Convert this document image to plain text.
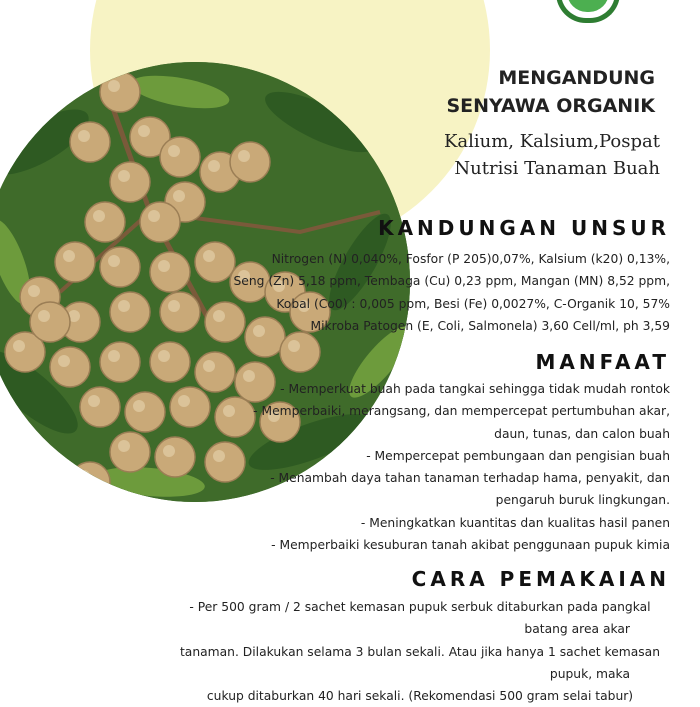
MENGANDUNG
SENYAWA ORGANIK
Kalium, Kalsium,Pospat
Nutrisi Tanaman Buah
KANDUNGAN UNSUR
Nitrogen (N) 0,040%, Fosfor (P 205)0,07%, Kalsium (k20) 0,13%,
Seng (Zn) 5,18 ppm, Tembaga (Cu) 0,23 ppm, Mangan (MN) 8,52 ppm,
Kobal (Co0) : 0,005 ppm, Besi (Fe) 0,0027%, C-Organik 10, 57%
Mikroba Patogen (E, Coli, Salmonela) 3,60 Cell/ml, ph 3,59
MANFAAT
- Memperkuat buah pada tangkai sehingga tidak mudah rontok
- Memperbaiki, merangsang, dan mempercepat pertumbuhan akar,
daun, tunas, dan calon buah
- Mempercepat pembungaan dan pengisian buah
- Menambah daya tahan tanaman terhadap hama, penyakit, dan
pengaruh buruk lingkungan.
- Meningkatkan kuantitas dan kualitas hasil panen
- Memperbaiki kesuburan tanah akibat penggunaan pupuk kimia
CARA PEMAKAIAN
- Per 500 gram / 2 sachet kemasan pupuk serbuk ditaburkan pada pangkal
batang area akar
tanaman. Dilakukan selama 3 bulan sekali. Atau jika hanya 1 sachet kemasan
pupuk, maka
cukup ditaburkan 40 hari sekali. (Rekomendasi 500 gram selai tabur)
